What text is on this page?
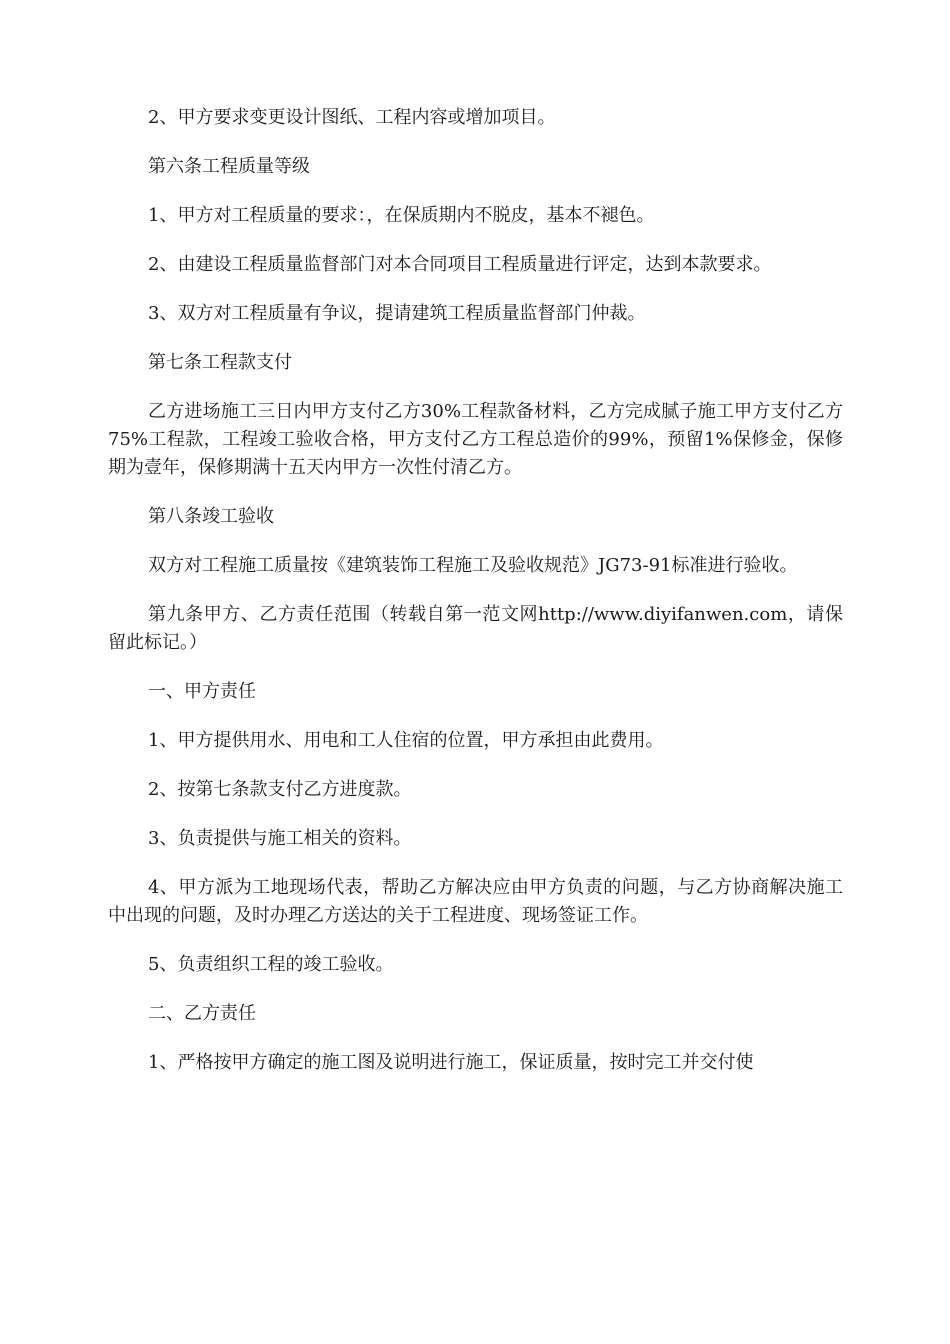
2、甲方要求变更设计图纸、工程内容或增加项目。

第六条工程质量等级

1、甲方对工程质量的要求：，在保质期内不脱皮，基本不褪色。

2、由建设工程质量监督部门对本合同项目工程质量进行评定，达到本款要求。

3、双方对工程质量有争议，提请建筑工程质量监督部门仲裁。

第七条工程款支付

乙方进场施工三日内甲方支付乙方30%工程款备材料，乙方完成腻子施工甲方支付乙方75%工程款，工程竣工验收合格，甲方支付乙方工程总造价的99%，预留1%保修金，保修期为壹年，保修期满十五天内甲方一次性付清乙方。

第八条竣工验收

双方对工程施工质量按《建筑装饰工程施工及验收规范》JG73-91标准进行验收。

第九条甲方、乙方责任范围（转载自第一范文网http://www.diyifanwen.com，请保留此标记。）

一、甲方责任

1、甲方提供用水、用电和工人住宿的位置，甲方承担由此费用。

2、按第七条款支付乙方进度款。

3、负责提供与施工相关的资料。

4、甲方派为工地现场代表，帮助乙方解决应由甲方负责的问题，与乙方协商解决施工中出现的问题，及时办理乙方送达的关于工程进度、现场签证工作。

5、负责组织工程的竣工验收。

二、乙方责任

1、严格按甲方确定的施工图及说明进行施工，保证质量，按时完工并交付使
